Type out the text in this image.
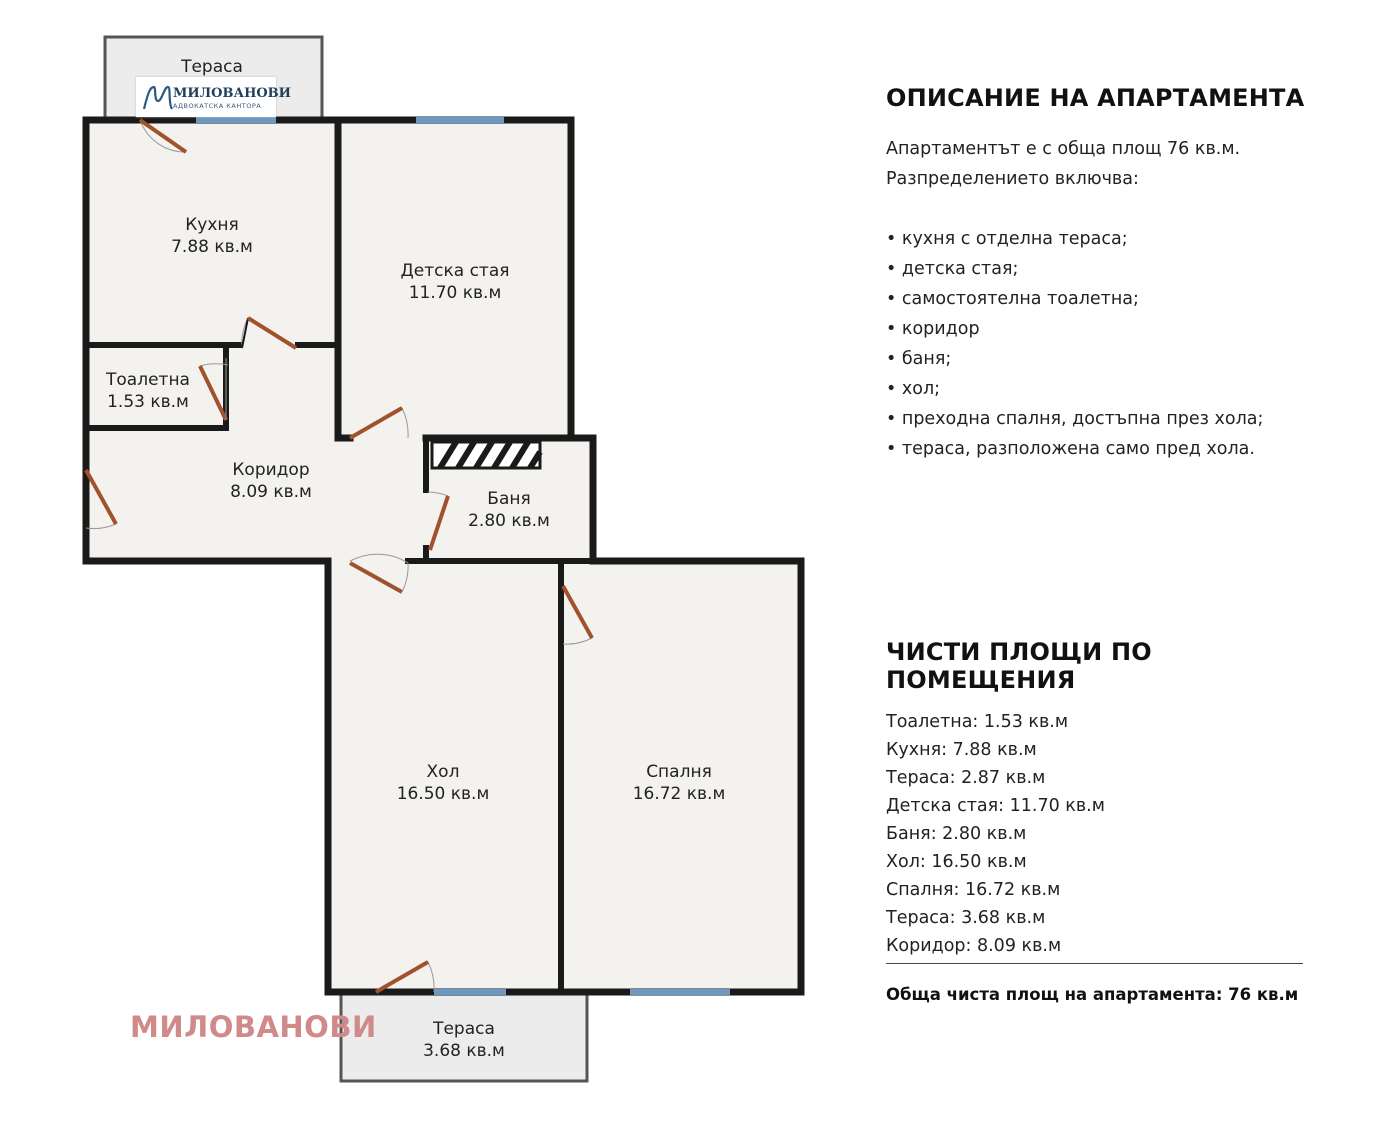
Тераса
Кухня
7.88 кв.м
Детска стая
11.70 кв.м
Тоалетна
1.53 кв.м
Коридор
8.09 кв.м	Баня
2.80 кв.м
Хол
16.50 кв.м
Спалня
16.72 кв.м
Тераса
3.68 кв.м
МИЛОВАНОВИ
АДВОКАТСКА КАНТОРА
МИЛОВАНОВИ
ОПИСАНИЕ НА АПАРТАМЕНТА

Апартаментът е с обща площ 76 кв.м.

Разпределението включва:

• кухня с отделна тераса;

• детска стая;

• самостоятелна тоалетна;

• коридор

• баня;

• хол;

• преходна спалня, достъпна през хола;

• тераса, разположена само пред хола.

ЧИСТИ ПЛОЩИ ПО ПОМЕЩЕНИЯ
Тоалетна: 1.53 кв.м
Кухня: 7.88 кв.м
Тераса: 2.87 кв.м
Детска стая: 11.70 кв.м
Баня: 2.80 кв.м
Хол: 16.50 кв.м
Спалня: 16.72 кв.м
Тераса: 3.68 кв.м
Коридор: 8.09 кв.м
Обща чиста площ на апартамента: 76 кв.м
